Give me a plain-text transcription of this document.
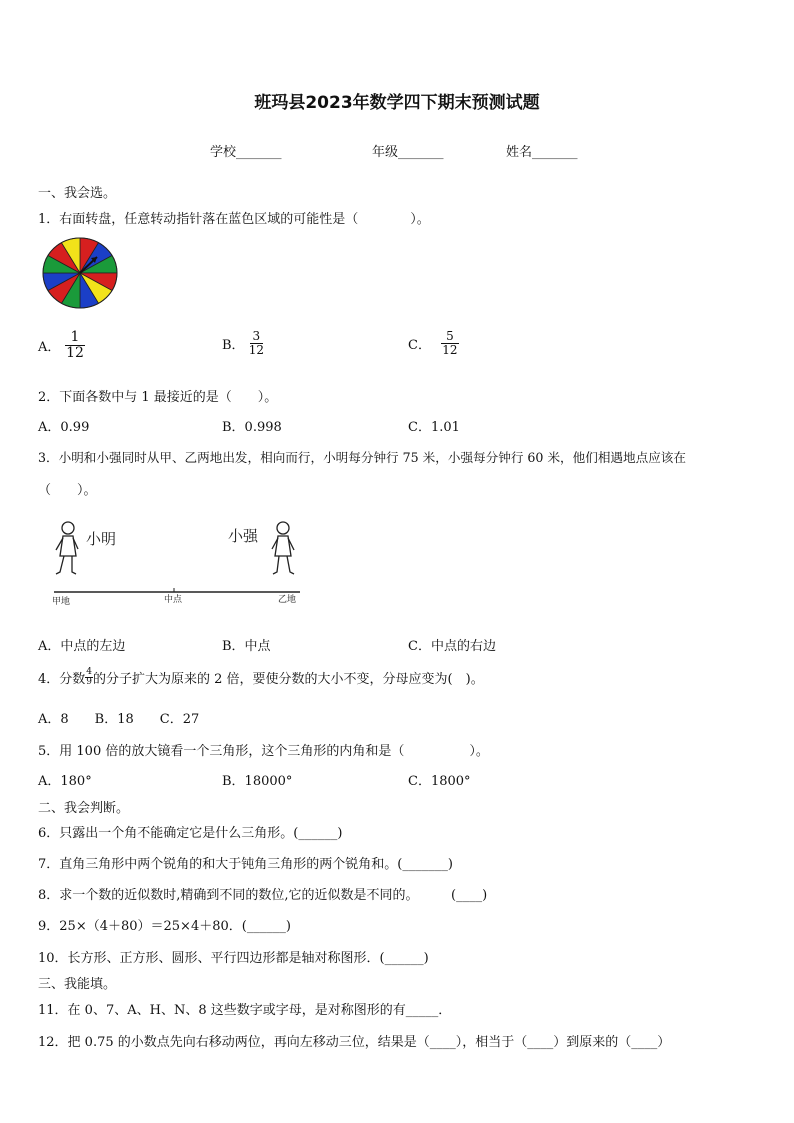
班玛县2023年数学四下期末预测试题
学校_______	年级_______	姓名_______
一、我会选。
1．右面转盘，任意转动指针落在蓝色区域的可能性是（　　　　）。
A． $\frac{1}{12}$	B． $\frac{3}{12}$	C． $\frac{5}{12}$
2．下面各数中与 1 最接近的是（　　）。
A．0.99	B．0.998	C．1.01
3．小明和小强同时从甲、乙两地出发，相向而行，小明每分钟行 75 米，小强每分钟行 60 米，他们相遇地点应该在
（　　）。
小明	小强
甲地	中点	乙地
A．中点的左边	B．中点	C．中点的右边
4．分数 $\frac{4}{9}$ 的分子扩大为原来的 2 倍，要使分数的大小不变，分母应变为(　)。
A．8　　B．18　　C．27
5．用 100 倍的放大镜看一个三角形，这个三角形的内角和是（　　　　　）。
A．180°	B．18000°	C．1800°
二、我会判断。
6．只露出一个角不能确定它是什么三角形。(______)
7．直角三角形中两个锐角的和大于钝角三角形的两个锐角和。(_______)
8．求一个数的近似数时,精确到不同的数位,它的近似数是不同的。　　　(____)
9．25×（4＋80）＝25×4＋80．(______)
10．长方形、正方形、圆形、平行四边形都是轴对称图形．(______)
三、我能填。
11．在 0、7、A、H、N、8 这些数字或字母，是对称图形的有_____．
12．把 0.75 的小数点先向右移动两位，再向左移动三位，结果是（____），相当于（____）到原来的（____）
